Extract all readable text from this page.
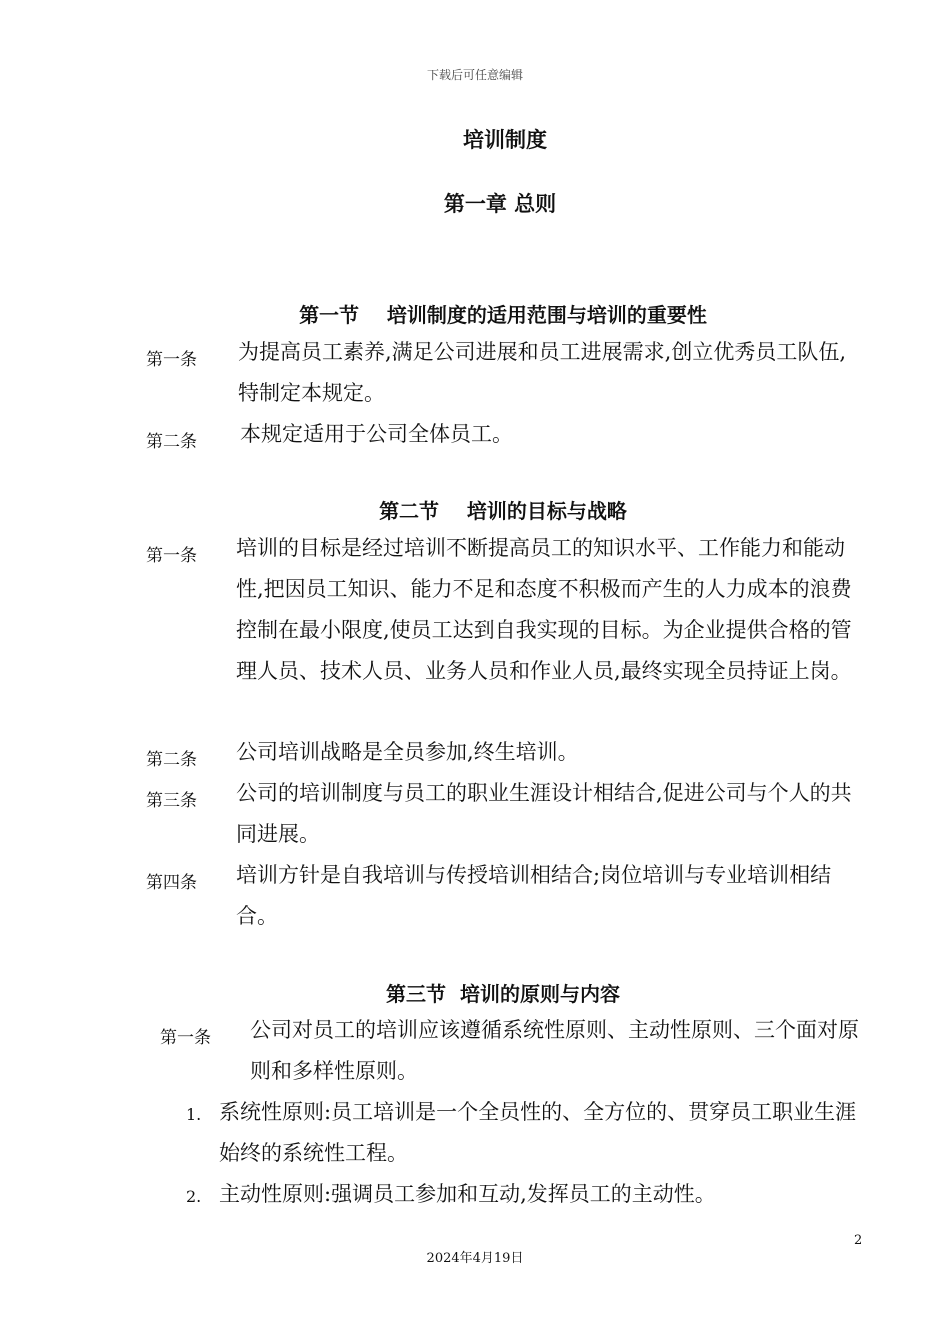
下载后可任意编辑
培训制度
第一章 总则
第一节    培训制度的适用范围与培训的重要性
第一条 为提高员工素养,满足公司进展和员工进展需求,创立优秀员工队伍,特制定本规定。
第二条 本规定适用于公司全体员工。
第二节    培训的目标与战略
第一条 培训的目标是经过培训不断提高员工的知识水平、工作能力和能动性,把因员工知识、能力不足和态度不积极而产生的人力成本的浪费控制在最小限度,使员工达到自我实现的目标。为企业提供合格的管理人员、技术人员、业务人员和作业人员,最终实现全员持证上岗。
第二条 公司培训战略是全员参加,终生培训。
第三条 公司的培训制度与员工的职业生涯设计相结合,促进公司与个人的共同进展。
第四条 培训方针是自我培训与传授培训相结合;岗位培训与专业培训相结合。
第三节  培训的原则与内容
第一条 公司对员工的培训应该遵循系统性原则、主动性原则、三个面对原则和多样性原则。
1. 系统性原则:员工培训是一个全员性的、全方位的、贯穿员工职业生涯始终的系统性工程。
2. 主动性原则:强调员工参加和互动,发挥员工的主动性。
2
2024年4月19日
